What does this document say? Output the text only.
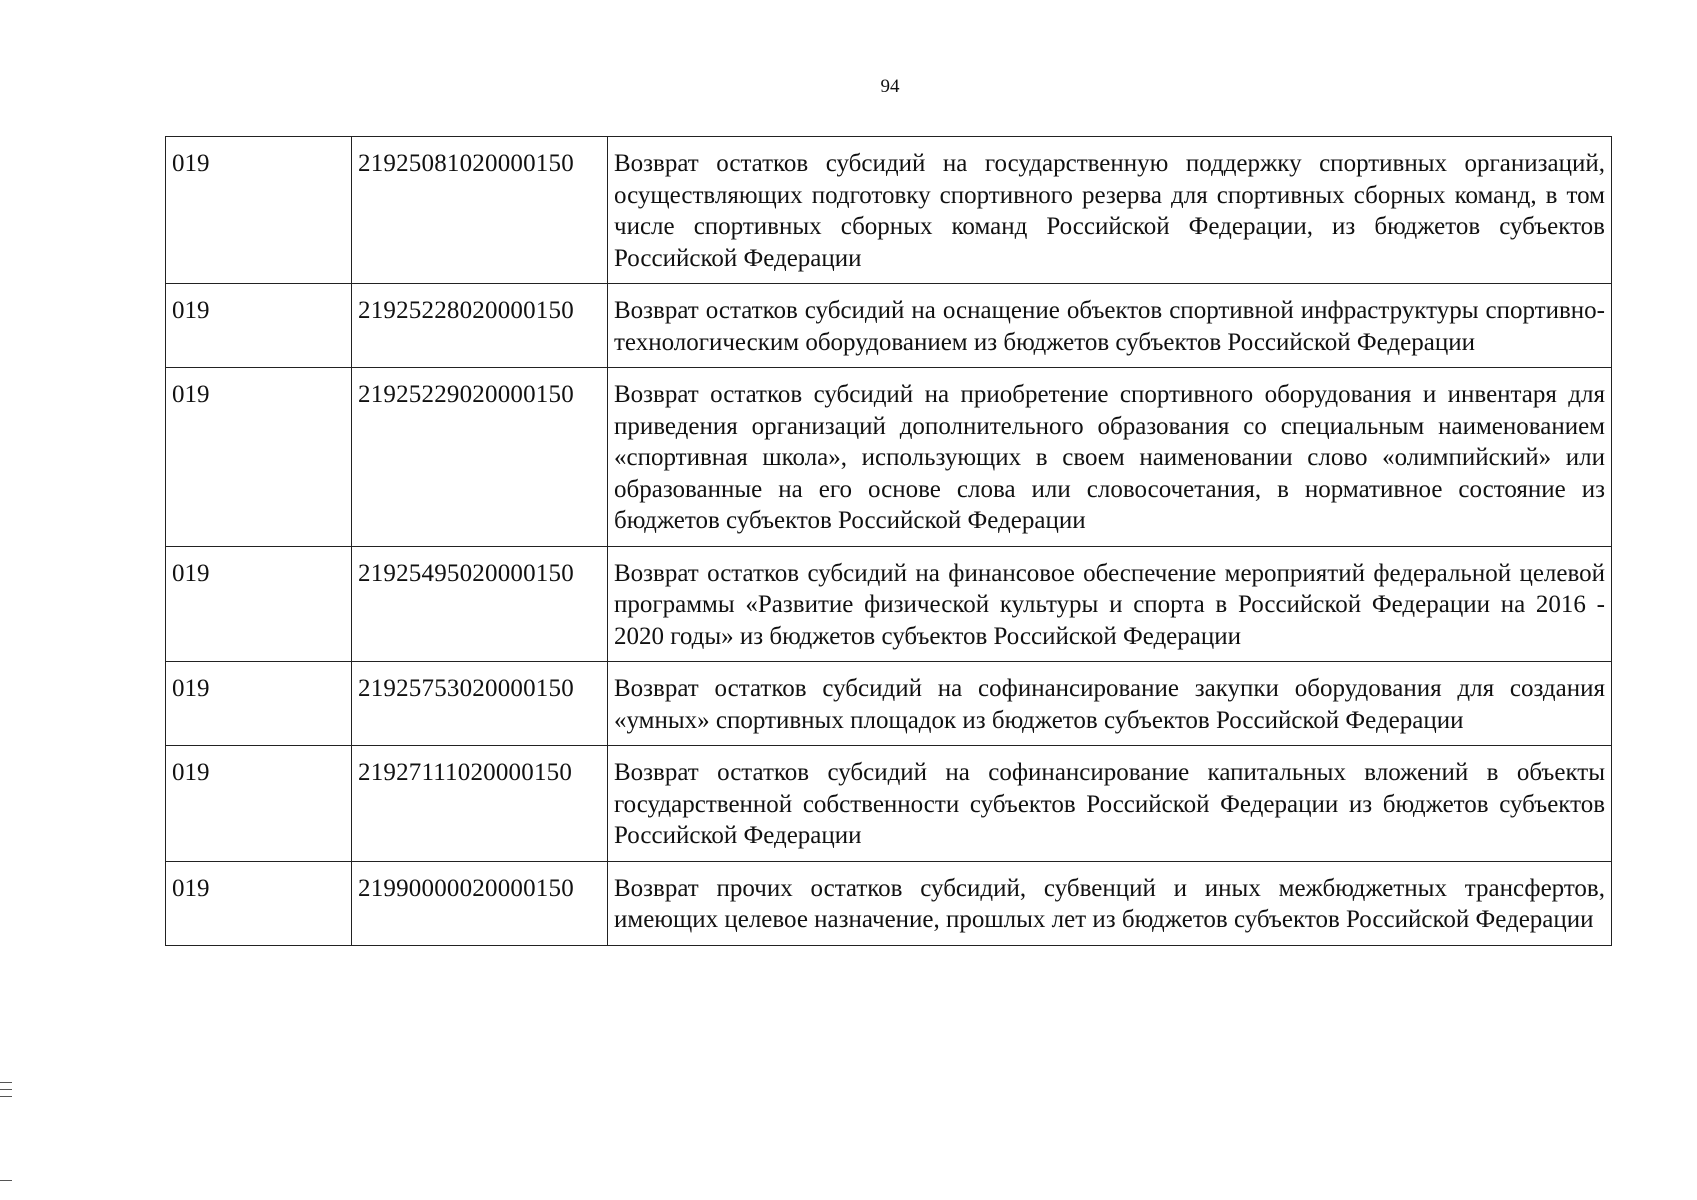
94
019	21925081020000150	Возврат остатков субсидий на государственную поддержку спортивных организаций, осуществляющих подготовку спортивного резерва для спортивных сборных команд, в том числе спортивных сборных команд Российской Федерации, из бюджетов субъектов Российской Федерации
019	21925228020000150	Возврат остатков субсидий на оснащение объектов спортивной инфраструктуры спортивно-технологическим оборудованием из бюджетов субъектов Российской Федерации
019	21925229020000150	Возврат остатков субсидий на приобретение спортивного оборудования и инвентаря для приведения организаций дополнительного образования со специальным наименованием «спортивная школа», использующих в своем наименовании слово «олимпийский» или образованные на его основе слова или словосочетания, в нормативное состояние из бюджетов субъектов Российской Федерации
019	21925495020000150	Возврат остатков субсидий на финансовое обеспечение мероприятий федеральной целевой программы «Развитие физической культуры и спорта в Российской Федерации на 2016 - 2020 годы» из бюджетов субъектов Российской Федерации
019	21925753020000150	Возврат остатков субсидий на софинансирование закупки оборудования для создания «умных» спортивных площадок из бюджетов субъектов Российской Федерации
019	21927111020000150	Возврат остатков субсидий на софинансирование капитальных вложений в объекты государственной собственности субъектов Российской Федерации из бюджетов субъектов Российской Федерации
019	21990000020000150	Возврат прочих остатков субсидий, субвенций и иных межбюджетных трансфертов, имеющих целевое назначение, прошлых лет из бюджетов субъектов Российской Федерации
